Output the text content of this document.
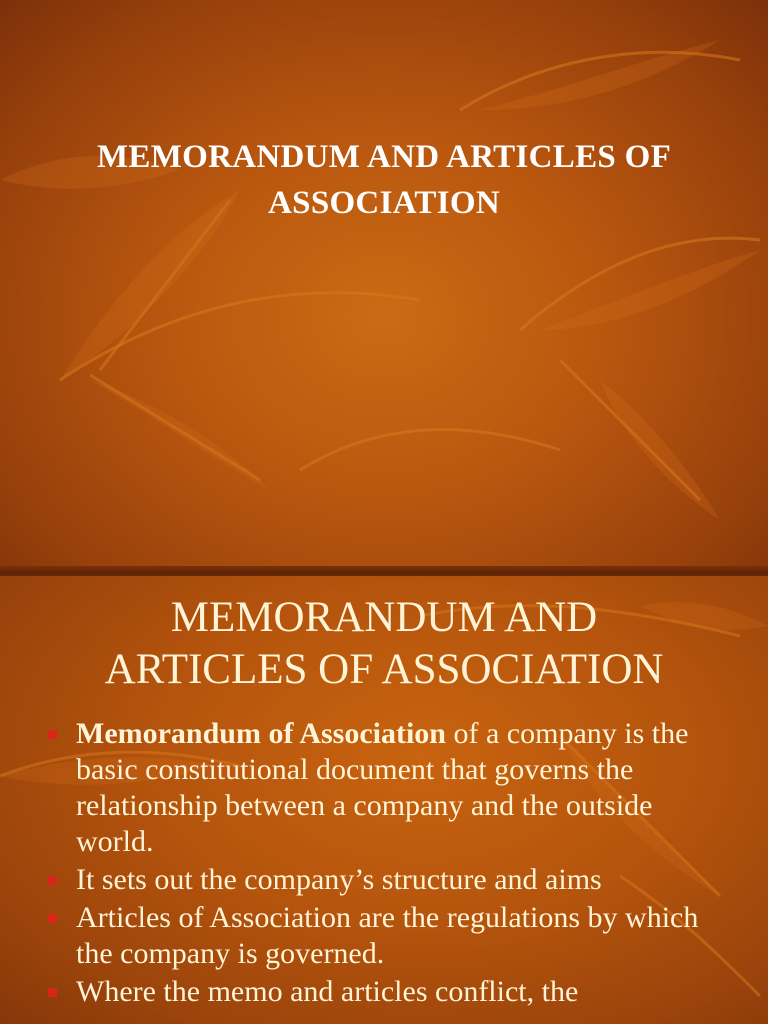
MEMORANDUM AND ARTICLES OF
ASSOCIATION
MEMORANDUM AND
ARTICLES OF ASSOCIATION
Memorandum of Association of a company is the basic constitutional document that governs the relationship between a company and the outside world.
It sets out the company’s structure and aims
Articles of Association are the regulations by which the company is governed.
Where the memo and articles conflict, the
